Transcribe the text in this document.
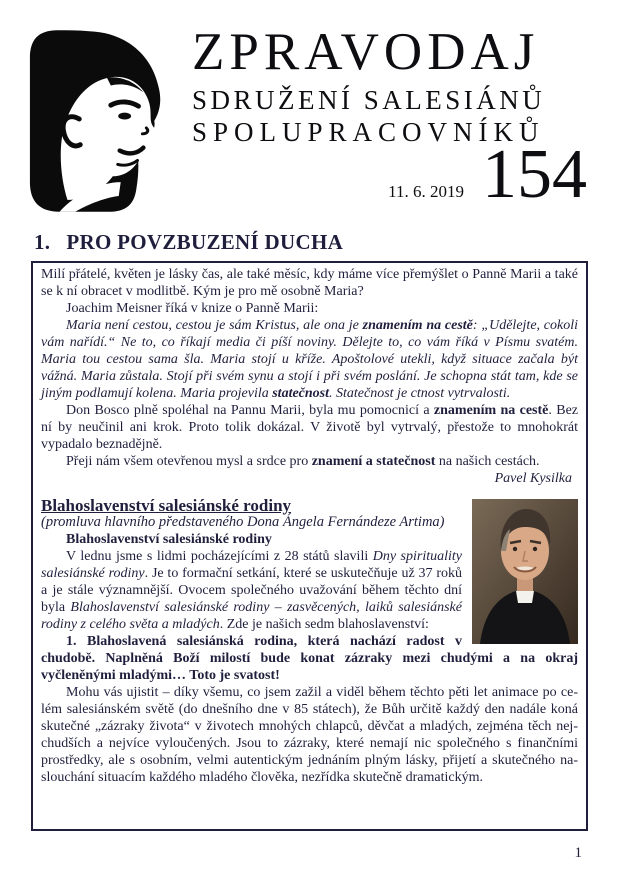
ZPRAVODAJ
SDRUŽENÍ SALESIÁNŮ
SPOLUPRACOVNÍKŮ
11. 6. 2019 154
1. PRO POVZBUZENÍ DUCHA

Milí přátelé, květen je lásky čas, ale také měsíc, kdy máme více přemýšlet o Panně Marii a také se k ní obracet v modlitbě. Kým je pro mě osobně Maria?

Joachim Meisner říká v knize o Panně Marii:

Maria není cestou, cestou je sám Kristus, ale ona je znamením na cestě: „Udělejte, cokoli vám nařídí.“ Ne to, co říkají media či píší noviny. Dělejte to, co vám říká v Písmu svatém. Maria tou cestou sama šla. Maria stojí u kříže. Apoštolové utekli, když situace začala být vážná. Maria zůstala. Stojí při svém synu a stojí i při svém poslání. Je schopna stát tam, kde se jiným podlamují kolena. Maria projevila statečnost. Statečnost je ctnost vytrvalosti.

Don Bosco plně spoléhal na Pannu Marii, byla mu pomocnicí a znamením na cestě. Bez ní by neučinil ani krok. Proto tolik dokázal. V životě byl vytrvalý, přestože to mnohokrát vypadalo beznadějně.

Přeji nám všem otevřenou mysl a srdce pro znamení a statečnost na našich cestách.

Pavel Kysilka

Blahoslavenství salesiánské rodiny

(promluva hlavního představeného Dona Ángela Fernándeze Artima)

Blahoslavenství salesiánské rodiny

V lednu jsme s lidmi pocházejícími z 28 států slavili Dny spirituality salesiánské rodiny. Je to formační setkání, které se uskutečňuje už 37 roků a je stále významnější. Ovocem společného uvažování během těchto dní byla Blahoslavenství salesiánské rodiny – zasvěcených, laiků salesiánské rodiny z celého světa a mladých. Zde je našich sedm blahoslavenství:

1. Blahoslavená salesiánská rodina, která nachází radost v chudobě. Naplněná Boží milostí bude konat zázraky mezi chudými a na okraj vyčleněnými mladými… Toto je svatost!

Mohu vás ujistit – díky všemu, co jsem zažil a viděl během těchto pěti let animace po celém salesiánském světě (do dnešního dne v 85 státech), že Bůh určitě každý den nadále koná skutečné „zázraky života“ v životech mnohých chlapců, děvčat a mladých, zejména těch nejchudších a nejvíce vyloučených. Jsou to zázraky, které nemají nic společného s finančními prostředky, ale s osobním, velmi autentickým jednáním plným lásky, přijetí a skutečného naslouchání situacím každého mladého člověka, nezřídka skutečně dramatickým.

1
